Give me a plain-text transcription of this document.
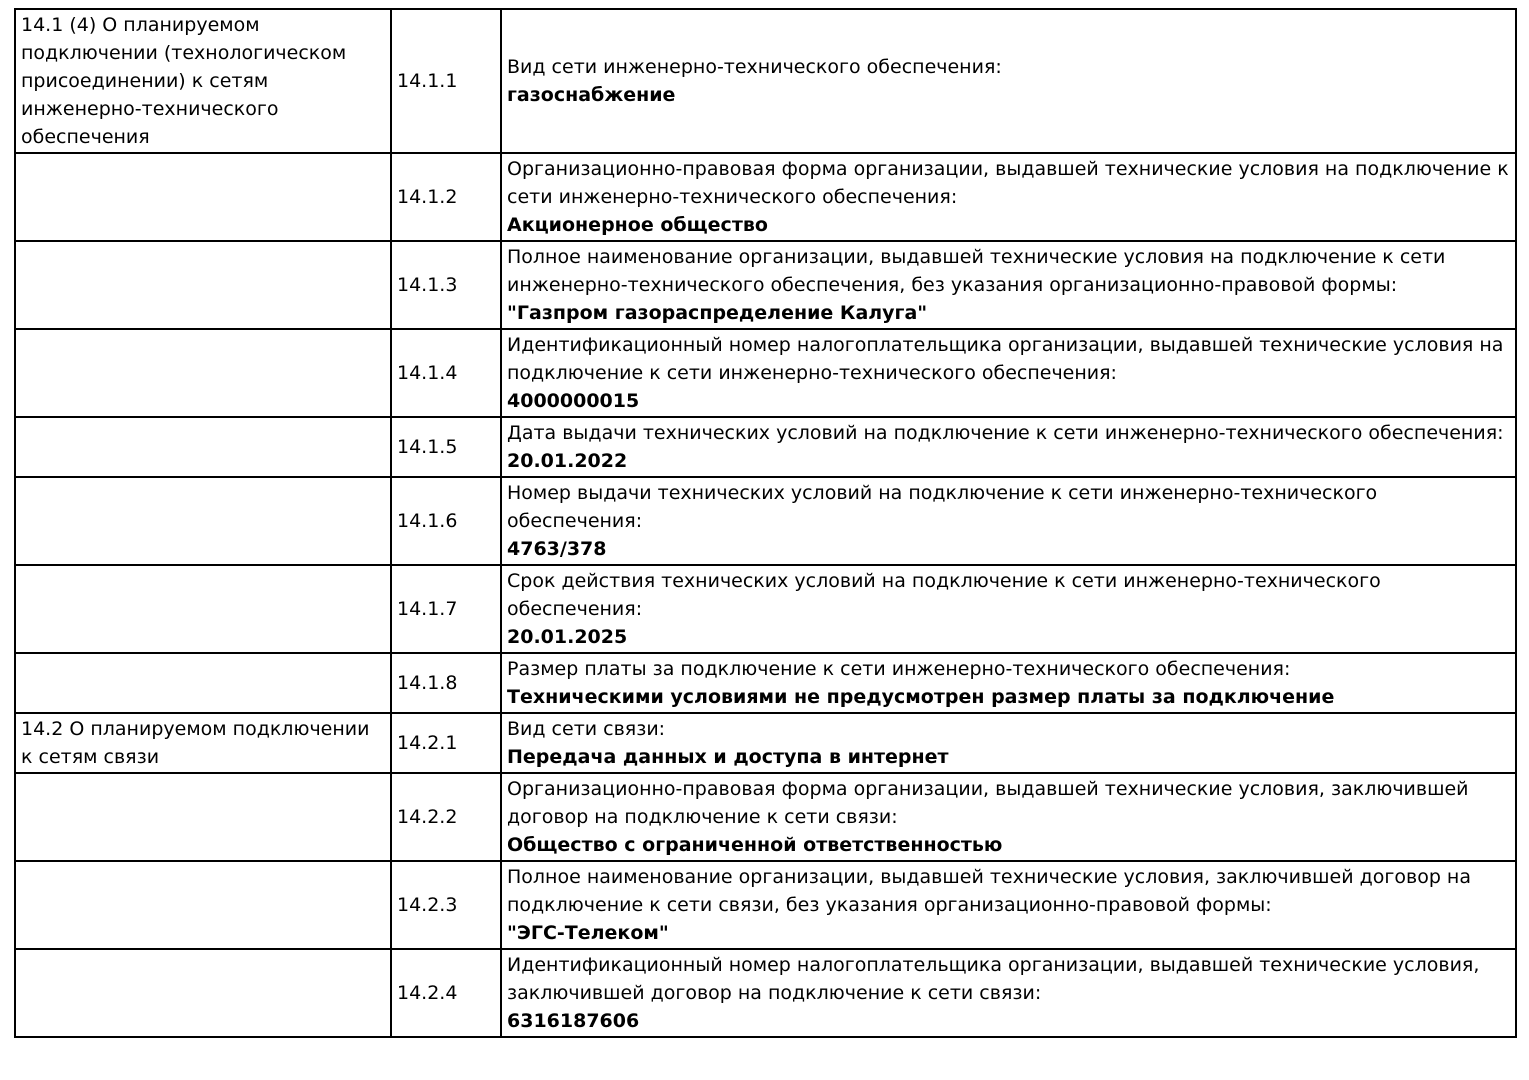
14.1 (4) О планируемом подключении (технологическом присоединении) к сетям инженерно-технического обеспечения	14.1.1	Вид сети инженерно-технического обеспечения:
газоснабжение

	14.1.2	Организационно-правовая форма организации, выдавшей технические условия на подключение к сети инженерно-технического обеспечения:
Акционерное общество

	14.1.3	Полное наименование организации, выдавшей технические условия на подключение к сети инженерно-технического обеспечения, без указания организационно-правовой формы:
"Газпром газораспределение Калуга"

	14.1.4	Идентификационный номер налогоплательщика организации, выдавшей технические условия на подключение к сети инженерно-технического обеспечения:
4000000015

	14.1.5	Дата выдачи технических условий на подключение к сети инженерно-технического обеспечения:
20.01.2022

	14.1.6	Номер выдачи технических условий на подключение к сети инженерно-технического обеспечения:
4763/378

	14.1.7	Срок действия технических условий на подключение к сети инженерно-технического обеспечения:
20.01.2025

	14.1.8	Размер платы за подключение к сети инженерно-технического обеспечения:
Техническими условиями не предусмотрен размер платы за подключение

14.2 О планируемом подключении к сетям связи	14.2.1	Вид сети связи:
Передача данных и доступа в интернет

	14.2.2	Организационно-правовая форма организации, выдавшей технические условия, заключившей договор на подключение к сети связи:
Общество с ограниченной ответственностью

	14.2.3	Полное наименование организации, выдавшей технические условия, заключившей договор на подключение к сети связи, без указания организационно-правовой формы:
"ЭГС-Телеком"

	14.2.4	Идентификационный номер налогоплательщика организации, выдавшей технические условия, заключившей договор на подключение к сети связи:
6316187606
